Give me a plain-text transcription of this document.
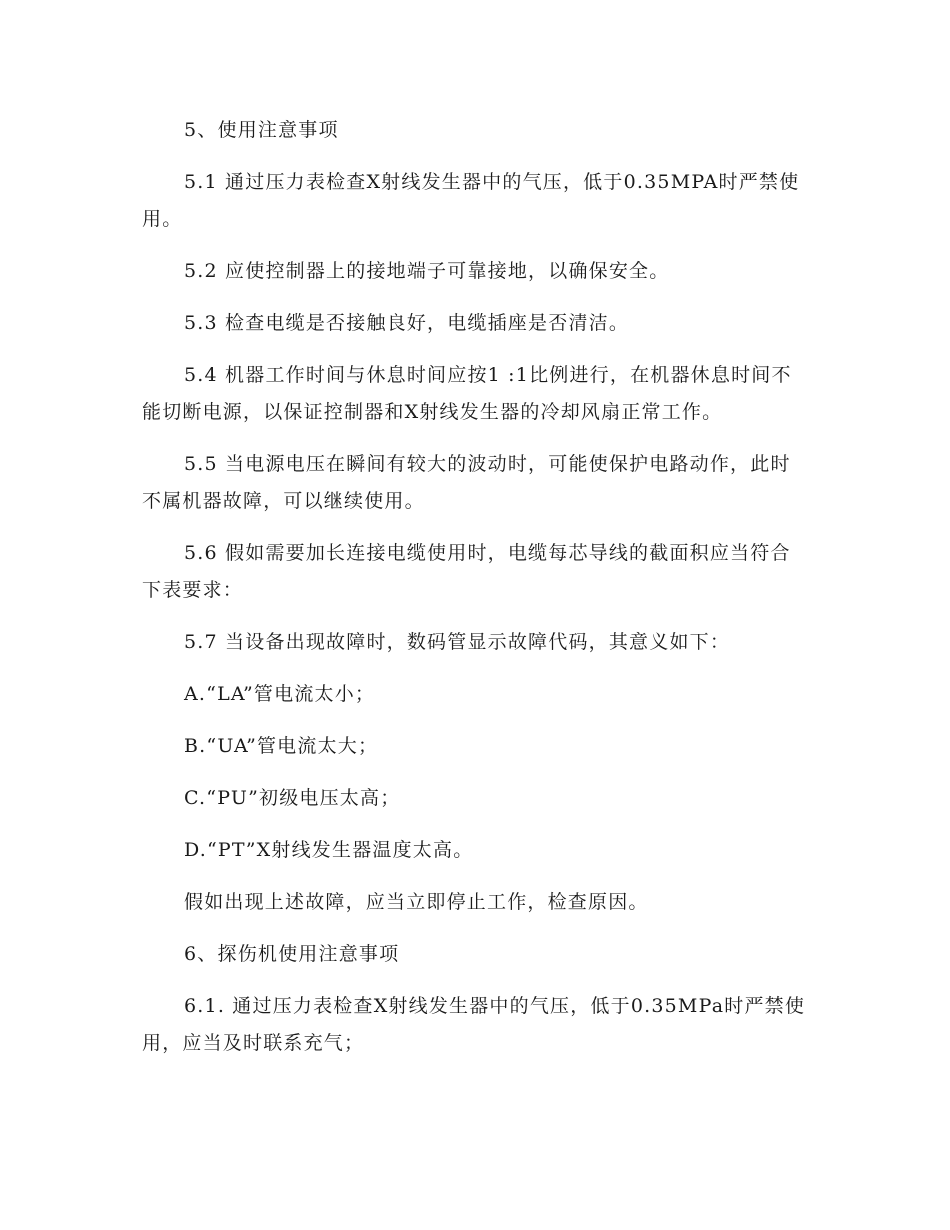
5、使用注意事项

5.1 通过压力表检查X射线发生器中的气压，低于0.35MPA时严禁使用。

5.2 应使控制器上的接地端子可靠接地，以确保安全。

5.3 检查电缆是否接触良好，电缆插座是否清洁。

5.4 机器工作时间与休息时间应按1 :1比例进行，在机器休息时间不能切断电源，以保证控制器和X射线发生器的冷却风扇正常工作。

5.5 当电源电压在瞬间有较大的波动时，可能使保护电路动作，此时不属机器故障，可以继续使用。

5.6 假如需要加长连接电缆使用时，电缆每芯导线的截面积应当符合下表要求：

5.7 当设备出现故障时，数码管显示故障代码，其意义如下：

A.“LA”管电流太小；

B.“UA”管电流太大；

C.“PU”初级电压太高；

D.“PT”X射线发生器温度太高。

假如出现上述故障，应当立即停止工作，检查原因。

6、探伤机使用注意事项

6.1. 通过压力表检查X射线发生器中的气压，低于0.35MPa时严禁使用，应当及时联系充气；
